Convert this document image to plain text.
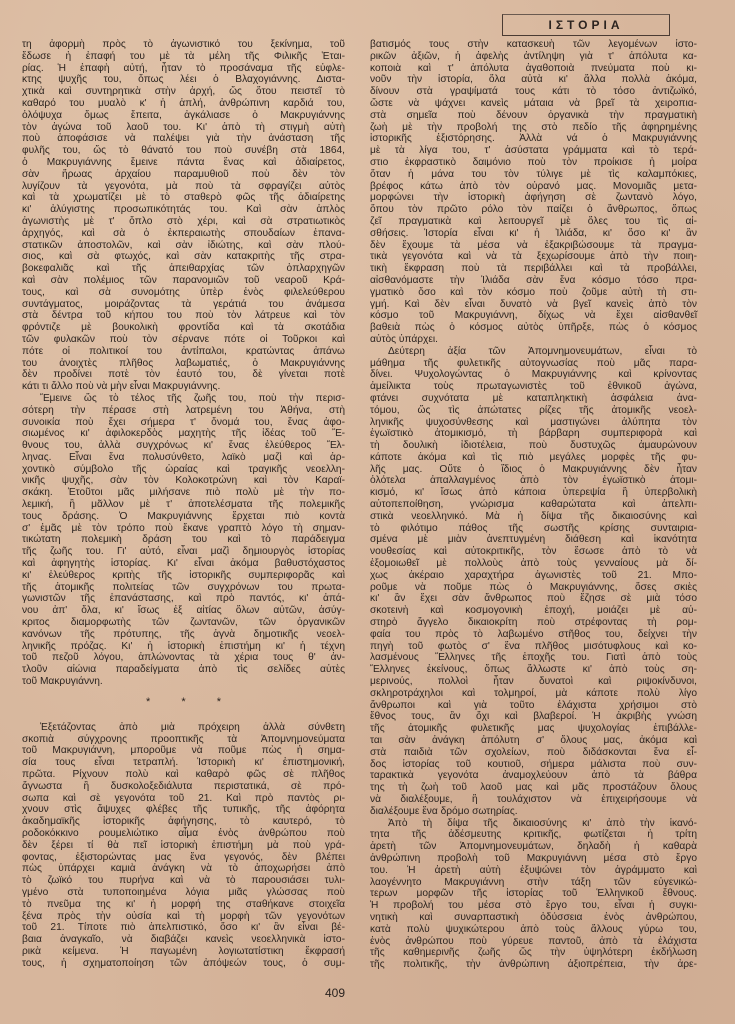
ΙΣΤΟΡΙΑ
τη ἀφορμὴ πρὸς τὸ ἀγωνιστικό του ξεκίνημα, τοῦ
ἔδωσε ἡ ἐπαφή του μὲ τὰ μέλη τῆς Φιλικῆς Ἑται-
ρίας. Ἡ ἐπαφὴ αὐτή, ἦταν τὸ προσάναμα τῆς εὐφλε-
κτης ψυχῆς του, ὅπως λέει ὁ Βλαχογιάννης. Διστα-
χτικὰ καὶ συντηρητικὰ στὴν ἀρχή, ὥς ὅτου πειστεῖ τὸ
καθαρό του μυαλὸ κ' ἡ ἁπλή, ἀνθρώπινη καρδιά του,
ὁλόψυχα ὅμως ἔπειτα, ἀγκάλιασε ὁ Μακρυγιάννης
τὸν ἀγώνα τοῦ λαοῦ του. Κι' ἀπὸ τὴ στιγμὴ αὐτὴ
ποὺ ἀποφάσισε νὰ παλέψει γιὰ τὴν ἀνάσταση τῆς
φυλῆς του, ὥς τὸ θάνατό του ποὺ συνέβη στὰ 1864,
ὁ Μακρυγιάννης ἔμεινε πάντα ἕνας καὶ ἀδιαίρετος,
σὰν ἥρωας ἀρχαίου παραμυθιοῦ ποὺ δὲν τὸν
λυγίζουν τὰ γεγονότα, μὰ ποὺ τὰ σφραγίζει αὐτὸς
καὶ τὰ χρωματίζει μὲ τὸ σταθερὸ φῶς τῆς ἀδιαίρετης
κι' ἀλύγιστης προσωπικότητάς του. Καὶ σὰν ἁπλὸς
ἀγωνιστὴς μὲ τ' ὅπλο στὸ χέρι, καὶ σὰ στρατιωτικὸς
ἀρχηγός, καὶ σὰ ὁ ἐκπεραιωτὴς σπουδαίων ἐπανα-
στατικῶν ἀποστολῶν, καὶ σὰν ἰδιώτης, καὶ σὰν πλού-
σιος, καὶ σὰ φτωχός, καὶ σὰν κατακριτὴς τῆς στρα-
βοκεφαλιᾶς καὶ τῆς ἀπειθαρχίας τῶν ὁπλαρχηγῶν
καὶ σὰν πολέμιος τῶν παρανομιῶν τοῦ νεαροῦ Κρά-
τους, καὶ σὰ συνομότης ὑπὲρ ἑνὸς φιλελεύθερου
συντάγματος, μοιράζοντας τὰ γεράτιά του ἀνάμεσα
στὰ δέντρα τοῦ κήπου του ποὺ τὸν λάτρευε καὶ τὸν
φρόντιζε μὲ βουκολικὴ φροντίδα καὶ τὰ σκοτάδια
τῶν φυλακῶν ποὺ τὸν σέρνανε πότε οἱ Τοῦρκοι καὶ
πότε οἱ πολιτικοί του ἀντίπαλοι, κρατώντας ἀπάνω
του ἀνοιχτὲς πλῆθος λαβωματιές, ὁ Μακρυγιάννης
δὲν προδίνει ποτὲ τὸν ἑαυτό του, δὲ γίνεται ποτὲ
κάτι τι ἄλλο ποὺ νὰ μὴν εἶναι Μακρυγιάννης.
Ἔμεινε ὥς τὸ τέλος τῆς ζωῆς του, ποὺ τὴν περισ-
σότερη τὴν πέρασε στὴ λατρεμένη του Ἀθήνα, στὴ
συνοικία ποὺ ἔχει σήμερα τ' ὄνομά του, ἕνας ἀφο-
σιωμένος κι' ἀφιλοκερδὸς μαχητὴς τῆς ἰδέας τοῦ Ἔ-
θνους του, ἀλλὰ συγχρόνως κι' ἕνας ἐλεύθερος Ἕλ-
ληνας. Εἶναι ἕνα πολυσύνθετο, λαϊκὸ μαζὶ καὶ ἀρ-
χοντικὸ σύμβολο τῆς ὡραίας καὶ τραγικῆς νεοελλη-
νικῆς ψυχῆς, σὰν τὸν Κολοκοτρώνη καὶ τὸν Καραϊ-
σκάκη. Ἐτοῦτοι μᾶς μιλήσανε πιὸ πολὺ μὲ τὴν πο-
λεμική, ἢ μᾶλλον μὲ τ' ἀποτελέσματα τῆς πολεμικῆς
τους δράσης. Ὁ Μακρυγιάννης ἔρχεται πιὸ κοντὰ
σ' ἐμᾶς μὲ τὸν τρόπο ποὺ ἔκανε γραπτὸ λόγο τὴ σημαν-
τικώτατη πολεμικὴ δράση του καὶ τὸ παράδειγμα
τῆς ζωῆς του. Γι' αὐτό, εἶναι μαζὶ δημιουργὸς ἱστορίας
καὶ ἀφηγητὴς ἱστορίας. Κι' εἶναι ἀκόμα βαθυστόχαστος
κι' ἐλεύθερος κριτὴς τῆς ἱστορικῆς συμπεριφορᾶς καὶ
τῆς ἀτομικῆς πολιτείας τῶν συγχρόνων του πρωτα-
γωνιστῶν τῆς ἐπανάστασης, καὶ πρὸ παντός, κι' ἀπά-
νου ἀπ' ὅλα, κι' ἴσως ἐξ αἰτίας ὅλων αὐτῶν, ἀσύγ-
κριτος διαμορφωτὴς τῶν ζωντανῶν, τῶν ὀργανικῶν
κανόνων τῆς πρότυπης, τῆς ἁγνὰ δημοτικῆς νεοελ-
ληνικῆς πρόζας. Κι' ἡ ἱστορικὴ ἐπιστήμη κι' ἡ τέχνη
τοῦ πεζοῦ λόγου, ἁπλώνοντας τὰ χέρια τους θ' ἀν-
τλοῦν αἰώνια παραδείγματα ἀπὸ τὶς σελίδες αὐτὲς
τοῦ Μακρυγιάννη.
* * *
Ἐξετάζοντας ἀπὸ μιὰ πρόχειρη ἀλλὰ σύνθετη
σκοπιὰ σύγχρονης προοπτικῆς τὰ Ἀπομνημονεύματα
τοῦ Μακρυγιάννη, μποροῦμε νὰ ποῦμε πὼς ἡ σημα-
σία τους εἶναι τετραπλή. Ἱστορικὴ κι' ἐπιστημονική,
πρῶτα. Ρίχνουν πολὺ καὶ καθαρὸ φῶς σὲ πλῆθος
ἄγνωστα ἢ δυσκολοξεδιάλυτα περιστατικά, σὲ πρό-
σωπα καὶ σὲ γεγονότα τοῦ 21. Καὶ πρὸ παντὸς ρι-
χνουν στὶς ἄψυχες φλέβες τῆς τυπικῆς, τῆς ἀφόρητα
ἀκαδημαϊκῆς ἱστορικῆς ἀφήγησης, τὸ καυτερό, τὸ
ροδοκόκκινο ρουμελιώτικο αἷμα ἑνὸς ἀνθρώπου ποὺ
δὲν ξέρει τί θὰ πεῖ ἱστορικὴ ἐπιστήμη μὰ ποὺ γρά-
φοντας, ἐξιστορώντας μας ἕνα γεγονός, δὲν βλέπει
πὼς ὑπάρχει καμιὰ ἀνάγκη νὰ τὸ ἀποχωρήσει ἀπὸ
τὸ ζωϊκό του πυρήνα καὶ νὰ τὸ παρουσιάσει τυλι-
γμένο στὰ τυποποιημένα λόγια μιᾶς γλώσσας ποὺ
τὸ πνεῦμα της κι' ἡ μορφή της σταθήκανε στοιχεῖα
ξένα πρὸς τὴν οὐσία καὶ τὴ μορφὴ τῶν γεγονότων
τοῦ 21. Τίποτε πιὸ ἀπελπιστικό, ὅσο κι' ἂν εἶναι βέ-
βαια ἀναγκαῖο, νὰ διαβάζει κανεὶς νεοελληνικὰ ἱστο-
ρικὰ κείμενα. Ἡ παγωμένη λογιωτατίστικη ἔκφρασή
τους, ἡ σχηματοποίηση τῶν ἀπόψεών τους, ὁ συμ-
βατισμός τους στὴν κατασκευὴ τῶν λεγομένων ἱστο-
ρικῶν ἀξιῶν, ἡ ἀφελὴς ἀντίληψη γιὰ τ' ἀπόλυτα κα-
κοποιὰ καὶ τ' ἀπόλυτα ἀγαθοποιὰ πνεύματα ποὺ κι-
νοῦν τὴν ἱστορία, ὅλα αὐτὰ κι' ἄλλα πολλὰ ἀκόμα,
δίνουν στὰ γραψίματά τους κάτι τὸ τόσο ἀντιζωϊκό,
ὥστε νὰ ψάχνει κανεὶς μάταια νὰ βρεῖ τὰ χειροπια-
στὰ σημεῖα ποὺ δένουν ὀργανικὰ τὴν πραγματικὴ
ζωὴ μὲ τὴν προβολή της στὸ πεδίο τῆς ἀφηρημένης
ἱστορικῆς ἐξιστόρησης. Ἀλλὰ νά ὁ Μακρυγιάννης
μὲ τὰ λίγα του, τ' ἀσύστατα γράμματα καὶ τὸ τερά-
στιο ἐκφραστικὸ δαιμόνιο ποὺ τὸν προίκισε ἡ μοίρα
ὅταν ἡ μάνα του τὸν τύλιγε μὲ τὶς καλαμπόκιες,
βρέφος κάτω ἀπὸ τὸν οὐρανό μας. Μονομιᾶς μετα-
μορφώνει τὴν ἱστορικὴ ἀφήγηση σὲ ζωντανὸ λόγο,
ὅπου τὸν πρῶτο ρόλο τὸν παίζει ὁ ἄνθρωπος, ὅπως
ζεῖ πραγματικὰ καὶ λειτουργεῖ μὲ ὅλες του τὶς αἰ-
σθήσεις. Ἱστορία εἶναι κι' ἡ Ἰλιάδα, κι' ὅσο κι' ἂν
δὲν ἔχουμε τὰ μέσα νὰ ἐξακριβώσουμε τὰ πραγμα-
τικὰ γεγονότα καὶ νὰ τὰ ξεχωρίσουμε ἀπὸ τὴν ποιη-
τικὴ ἔκφραση ποὺ τὰ περιβάλλει καὶ τὰ προβάλλει,
αἰσθανόμαστε τὴν Ἰλιάδα σὰν ἕνα κόσμο τόσο πρα-
γματικὸ ὅσο καὶ τὸν κόσμο ποὺ ζοῦμε αὐτὴ τὴ στι-
γμή. Καὶ δὲν εἶναι δυνατὸ νὰ βγεῖ κανεὶς ἀπὸ τὸν
κόσμο τοῦ Μακρυγιάννη, δίχως νὰ ἔχει αἰσθανθεῖ
βαθειὰ πὼς ὁ κόσμος αὐτὸς ὑπῆρξε, πὼς ὁ κόσμος
αὐτὸς ὑπάρχει.
Δεύτερη ἀξία τῶν Ἀπομνημονευμάτων, εἶναι τὸ
μάθημα τῆς φυλετικῆς αὐτογνωσίας ποὺ μᾶς παρα-
δίνει. Ψυχολογώντας ὁ Μακρυγιάννης καὶ κρίνοντας
ἀμείλικτα τοὺς πρωταγωνιστὲς τοῦ ἐθνικοῦ ἀγώνα,
φτάνει συχνότατα μὲ καταπληκτικὴ ἀσφάλεια ἀνα-
τόμου, ὥς τὶς ἀπώτατες ρίζες τῆς ἀτομικῆς νεοελ-
ληνικῆς ψυχοσύνθεσης καὶ μαστιγώνει ἀλύπητα τὸν
ἐγωϊστικὸ ἀτομικισμό, τὴ βάρβαρη συμπεριφορὰ καὶ
τὴ δουλικὴ ἰδιοτέλεια, ποὺ δυστυχῶς ἀμαυρώνουν
κάποτε ἀκόμα καὶ τὶς πιὸ μεγάλες μορφὲς τῆς φυ-
λῆς μας. Οὔτε ὁ ἴδιος ὁ Μακρυγιάννης δὲν ἦταν
ὁλότελα ἀπαλλαγμένος ἀπὸ τὸν ἐγωϊστικὸ ἀτομι-
κισμό, κι' ἴσως ἀπὸ κάποια ὑπερεψία ἢ ὑπερβολικὴ
αὐτοπεποίθηση, γνώρισμα καθαρώτατα καὶ ἀπελπι-
στικὰ νεοελληνικό. Μὰ ἡ δίψα τῆς δικαιοσύνης καὶ
τὸ φιλότιμο πάθος τῆς σωστῆς κρίσης συνταιρια-
σμένα μὲ μιὰν ἀνεπτυγμένη διάθεση καὶ ἱκανότητα
νουθεσίας καὶ αὐτοκριτικῆς, τὸν ἔσωσε ἀπὸ τὸ νὰ
ἐξομοιωθεῖ μὲ πολλοὺς ἀπὸ τοὺς γενναίους μὰ δί-
χως ἀκέραιο χαραχτήρα ἀγωνιστὲς τοῦ 21. Μπο-
ροῦμε νὰ ποῦμε πὼς ὁ Μακρυγιάννης, ὅσες σκιὲς
κι' ἂν ἔχει σὰν ἄνθρωπος ποὺ ἔζησε σὲ μιὰ τόσο
σκοτεινὴ καὶ κοσμογονικὴ ἐποχή, μοιάζει μὲ αὐ-
στηρὸ ἄγγελο δικαιοκρίτη ποὺ στρέφοντας τὴ ρομ-
φαία του πρὸς τὸ λαβωμένο στῆθος του, δείχνει τὴν
πηγὴ τοῦ φωτὸς σ' ἕνα πλῆθος μισότυφλους καὶ κο-
λασμένους Ἕλληνες τῆς ἐποχῆς του. Γιατὶ ἀπὸ τοὺς
Ἕλληνες ἐκείνους, ὅπως ἄλλωστε κι' ἀπὸ τοὺς ση-
μερινούς, πολλοὶ ἦταν δυνατοὶ καὶ ριψοκίνδυνοι,
σκληροτράχηλοι καὶ τολμηροί, μὰ κάποτε πολὺ λίγο
ἄνθρωποι καὶ γιὰ τοῦτο ἐλάχιστα χρήσιμοι στὸ
ἔθνος τους, ἂν ὄχι καὶ βλαβεροί. Ἡ ἀκριβὴς γνώση
τῆς ἀτομικῆς φυλετικῆς μας ψυχολογίας ἐπιβάλλε-
ται σὰν ἀνάγκη ἀπόλυτη σ' ὅλους μας, ἀκόμα καὶ
στὰ παιδιὰ τῶν σχολείων, ποὺ διδάσκονται ἕνα εἶ-
δος ἱστορίας τοῦ κουτιοῦ, σήμερα μάλιστα ποὺ συν-
ταρακτικὰ γεγονότα ἀναμοχλεύουν ἀπὸ τὰ βάθρα
της τὴ ζωὴ τοῦ λαοῦ μας καὶ μᾶς προστάζουν ὅλους
νὰ διαλέξουμε, ἢ τουλάχιστον νὰ ἐπιχειρήσουμε νὰ
διαλέξουμε ἕνα δρόμο σωτηρίας.
Ἀπὸ τὴ δίψα τῆς δικαιοσύνης κι' ἀπὸ τὴν ἱκανό-
τητα τῆς ἀδέσμευτης κριτικῆς, φωτίζεται ἡ τρίτη
ἀρετὴ τῶν Ἀπομνημονευμάτων, δηλαδὴ ἡ καθαρὰ
ἀνθρώπινη προβολὴ τοῦ Μακρυγιάννη μέσα στὸ ἔργο
του. Ἡ ἀρετὴ αὐτὴ ἐξυψώνει τὸν ἀγράμματο καὶ
λαογέννητο Μακρυγιάννη στὴν τάξη τῶν εὐγενικώ-
τερων μορφῶν τῆς ἱστορίας τοῦ Ἑλληνικοῦ ἔθνους.
Ἡ προβολή του μέσα στὸ ἔργο του, εἶναι ἡ συγκι-
νητικὴ καὶ συναρπαστικὴ ὀδύσσεια ἑνὸς ἀνθρώπου,
κατὰ πολὺ ψυχικώτερου ἀπὸ τοὺς ἄλλους γύρω του,
ἑνὸς ἀνθρώπου ποὺ γύρευε παντοῦ, ἀπὸ τὰ ἐλάχιστα
τῆς καθημερινῆς ζωῆς ὥς τὴν ὑψηλότερη ἐκδήλωση
τῆς πολιτικῆς, τὴν ἀνθρώπινη ἀξιοπρέπεια, τὴν ἀρε-
409
